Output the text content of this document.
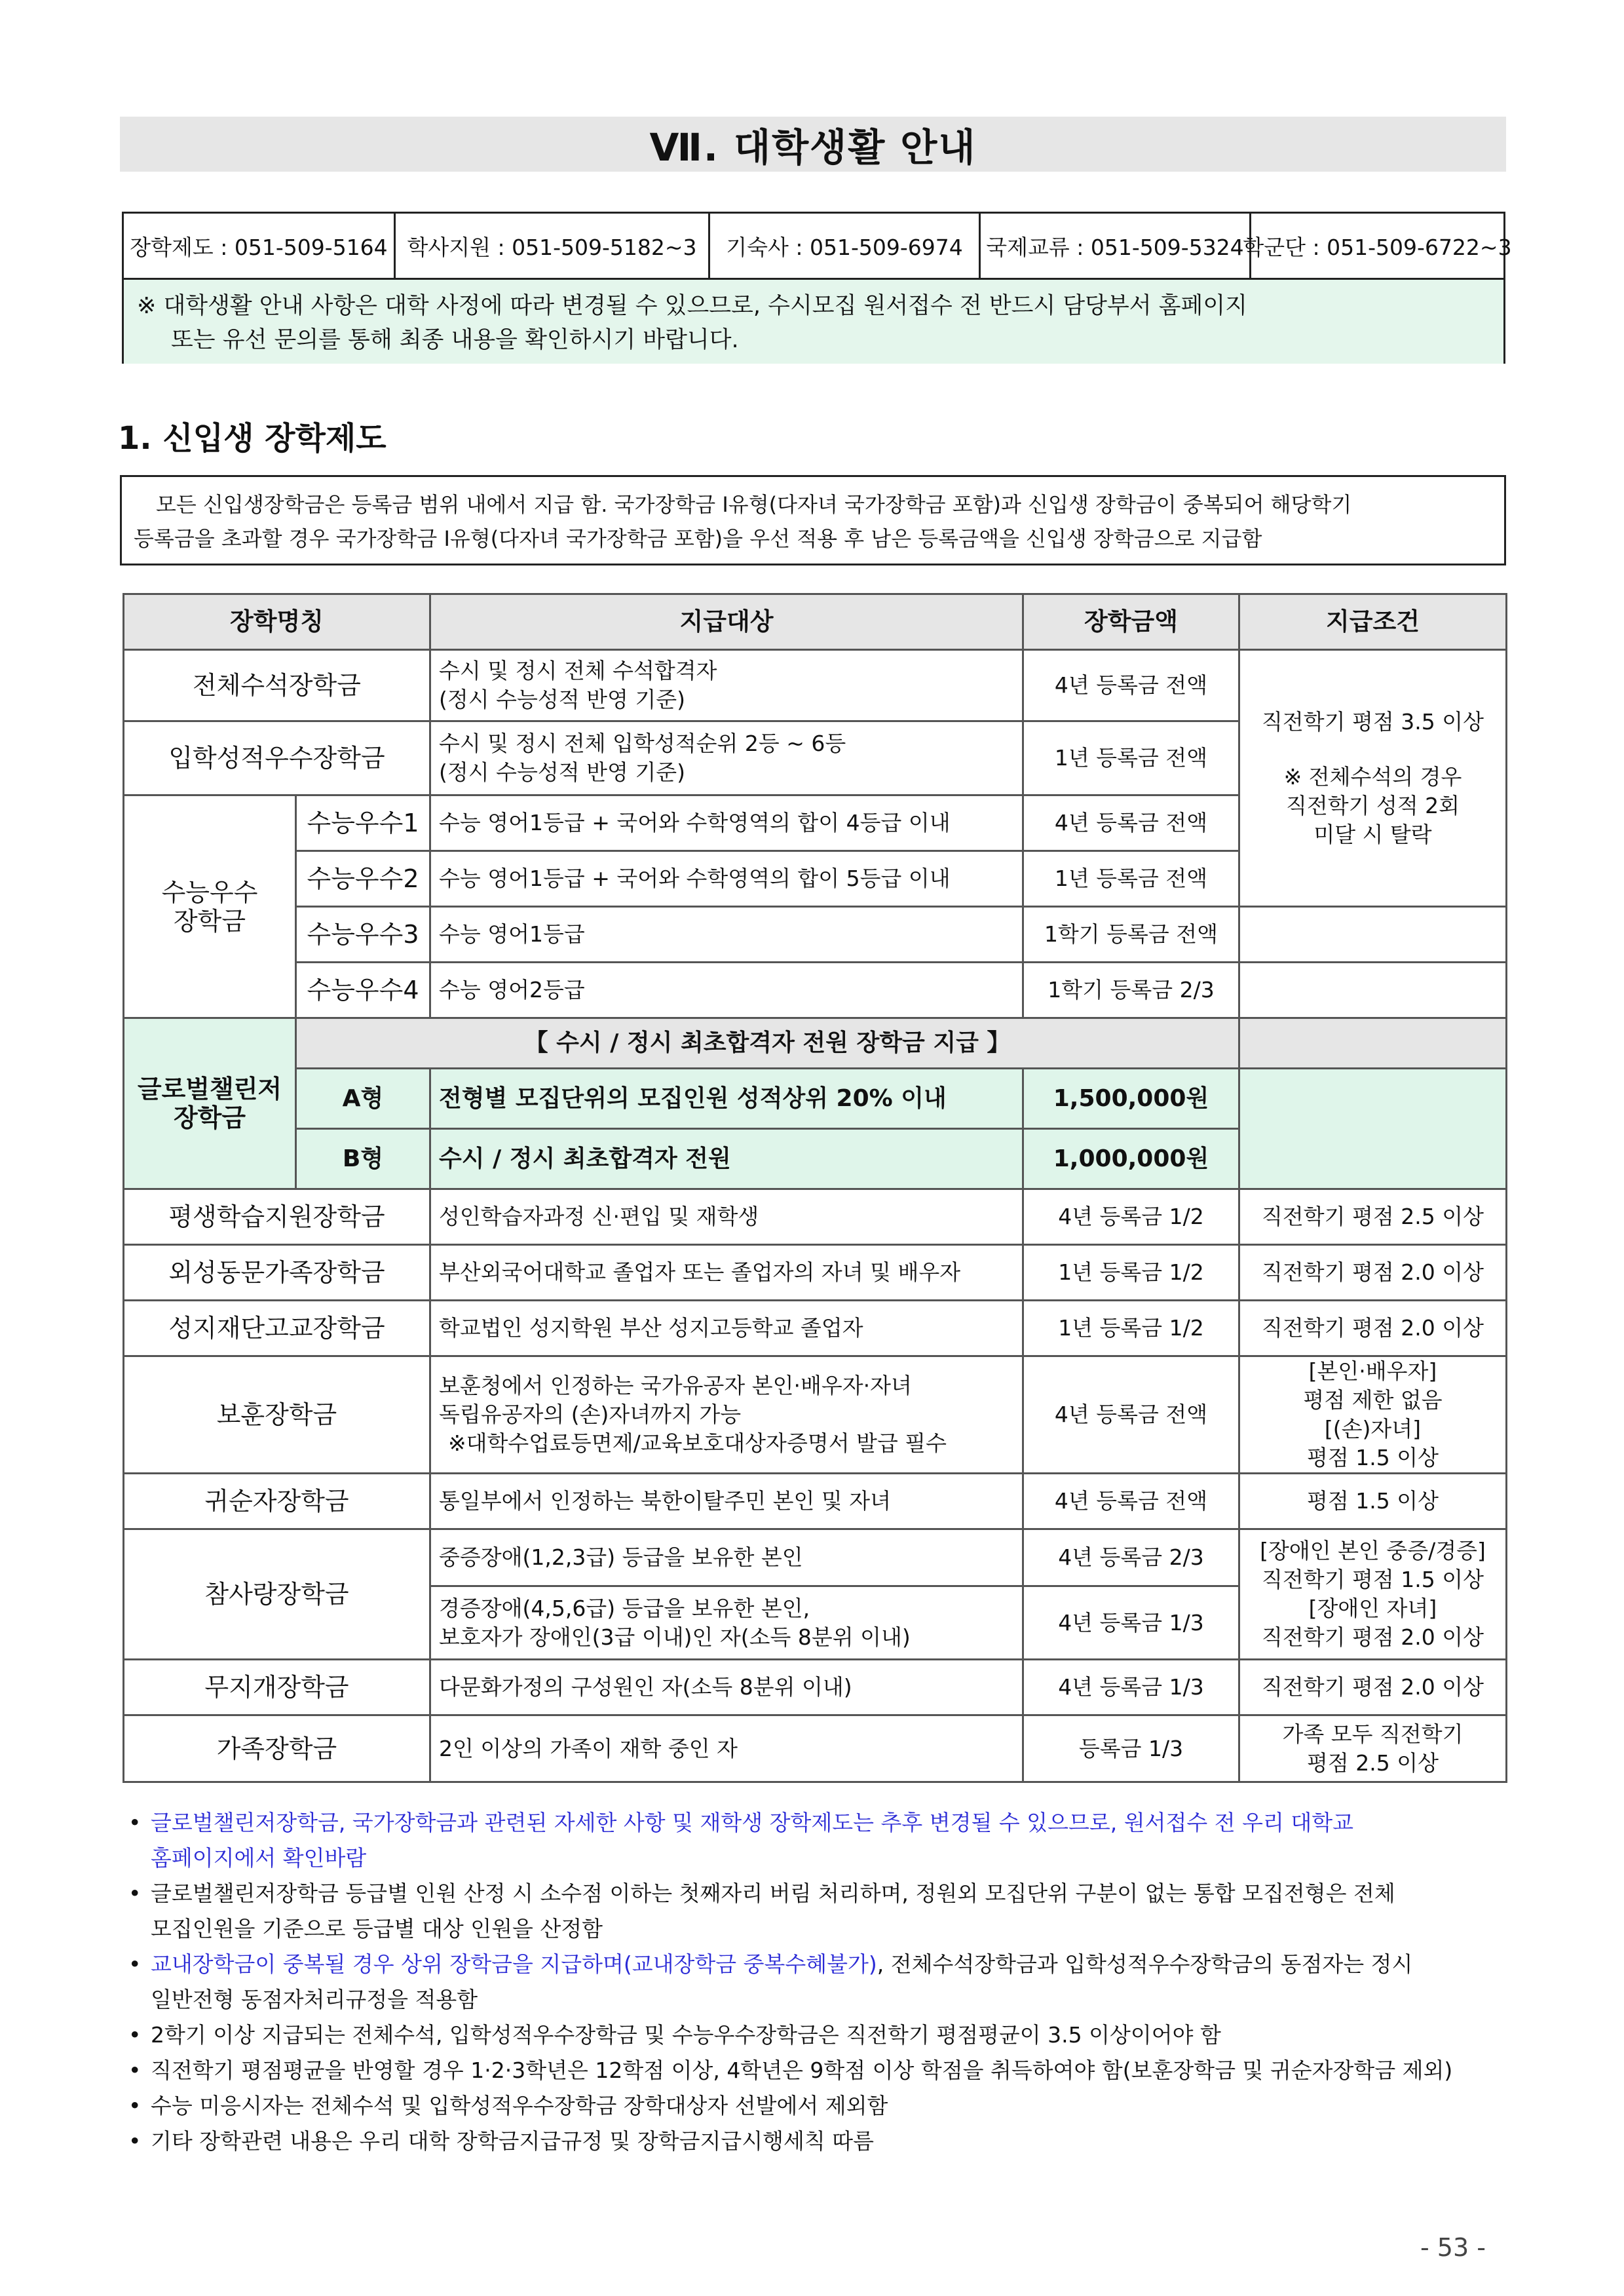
Ⅶ. 대학생활 안내
장학제도 : 051-509-5164 학사지원 : 051-509-5182~3	기숙사 : 051-509-6974	국제교류 : 051-509-5324
학군단 : 051-509-6722~3
※ 대학생활 안내 사항은 대학 사정에 따라 변경될 수 있으므로, 수시모집 원서접수 전 반드시 담당부서 홈페이지
또는 유선 문의를 통해 최종 내용을 확인하시기 바랍니다.
1. 신입생 장학제도
모든 신입생장학금은 등록금 범위 내에서 지급 함. 국가장학금 Ⅰ유형(다자녀 국가장학금 포함)과 신입생 장학금이 중복되어 해당학기
등록금을 초과할 경우 국가장학금 Ⅰ유형(다자녀 국가장학금 포함)을 우선 적용 후 남은 등록금액을 신입생 장학금으로 지급함
장학명칭		지급대상	장학금액	지급조건
전체수석장학금		수시 및 정시 전체 수석합격자
(정시 수능성적 반영 기준)	4년 등록금 전액	직전학기 평점 3.5 이상
※ 전체수석의 경우
직전학기 성적 2회
미달 시 탈락

입학성적우수장학금		수시 및 정시 전체 입학성적순위 2등 ~ 6등
(정시 수능성적 반영 기준)	1년 등록금 전액	

수능우수
장학금	수능우수1	수능 영어1등급 + 국어와 수학영역의 합이 4등급 이내	4년 등록금 전액	
	수능우수2	수능 영어1등급 + 국어와 수학영역의 합이 5등급 이내	1년 등록금 전액	
	수능우수3	수능 영어1등급	1학기 등록금 전액	
	수능우수4	수능 영어2등급	1학기 등록금 2/3	

글로벌챌린저
장학금	【 수시 / 정시 최초합격자 전원 장학금 지급 】			
	A형	전형별 모집단위의 모집인원 성적상위 20% 이내	1,500,000원	
	B형	수시 / 정시 최초합격자 전원	1,000,000원	
평생학습지원장학금		성인학습자과정 신·편입 및 재학생	4년 등록금 1/2	직전학기 평점 2.5 이상
외성동문가족장학금		부산외국어대학교 졸업자 또는 졸업자의 자녀 및 배우자	1년 등록금 1/2	직전학기 평점 2.0 이상
성지재단고교장학금		학교법인 성지학원 부산 성지고등학교 졸업자	1년 등록금 1/2	직전학기 평점 2.0 이상
보훈장학금		보훈청에서 인정하는 국가유공자 본인·배우자·자녀
독립유공자의 (손)자녀까지 가능
※대학수업료등면제/교육보호대상자증명서 발급 필수	4년 등록금 전액	[본인·배우자]
평점 제한 없음
[(손)자녀]
평점 1.5 이상

귀순자장학금		통일부에서 인정하는 북한이탈주민 본인 및 자녀	4년 등록금 전액	평점 1.5 이상
참사랑장학금		중증장애(1,2,3급) 등급을 보유한 본인	4년 등록금 2/3	[장애인 본인 중증/경증]
직전학기 평점 1.5 이상
[장애인 자녀]
직전학기 평점 2.0 이상

		경증장애(4,5,6급) 등급을 보유한 본인,
보호자가 장애인(3급 이내)인 자(소득 8분위 이내)	4년 등록금 1/3	
무지개장학금		다문화가정의 구성원인 자(소득 8분위 이내)	4년 등록금 1/3	직전학기 평점 2.0 이상
가족장학금		2인 이상의 가족이 재학 중인 자	등록금 1/3	가족 모두 직전학기
평점 2.5 이상
• 글로벌챌린저장학금, 국가장학금과 관련된 자세한 사항 및 재학생 장학제도는 추후 변경될 수 있으므로, 원서접수 전 우리 대학교
홈페이지에서 확인바람
• 글로벌챌린저장학금 등급별 인원 산정 시 소수점 이하는 첫째자리 버림 처리하며, 정원외 모집단위 구분이 없는 통합 모집전형은 전체
모집인원을 기준으로 등급별 대상 인원을 산정함
• 교내장학금이 중복될 경우 상위 장학금을 지급하며(교내장학금 중복수혜불가), 전체수석장학금과 입학성적우수장학금의 동점자는 정시
일반전형 동점자처리규정을 적용함
• 2학기 이상 지급되는 전체수석, 입학성적우수장학금 및 수능우수장학금은 직전학기 평점평균이 3.5 이상이어야 함
• 직전학기 평점평균을 반영할 경우 1·2·3학년은 12학점 이상, 4학년은 9학점 이상 학점을 취득하여야 함(보훈장학금 및 귀순자장학금 제외)
• 수능 미응시자는 전체수석 및 입학성적우수장학금 장학대상자 선발에서 제외함
• 기타 장학관련 내용은 우리 대학 장학금지급규정 및 장학금지급시행세칙 따름
- 53 -
